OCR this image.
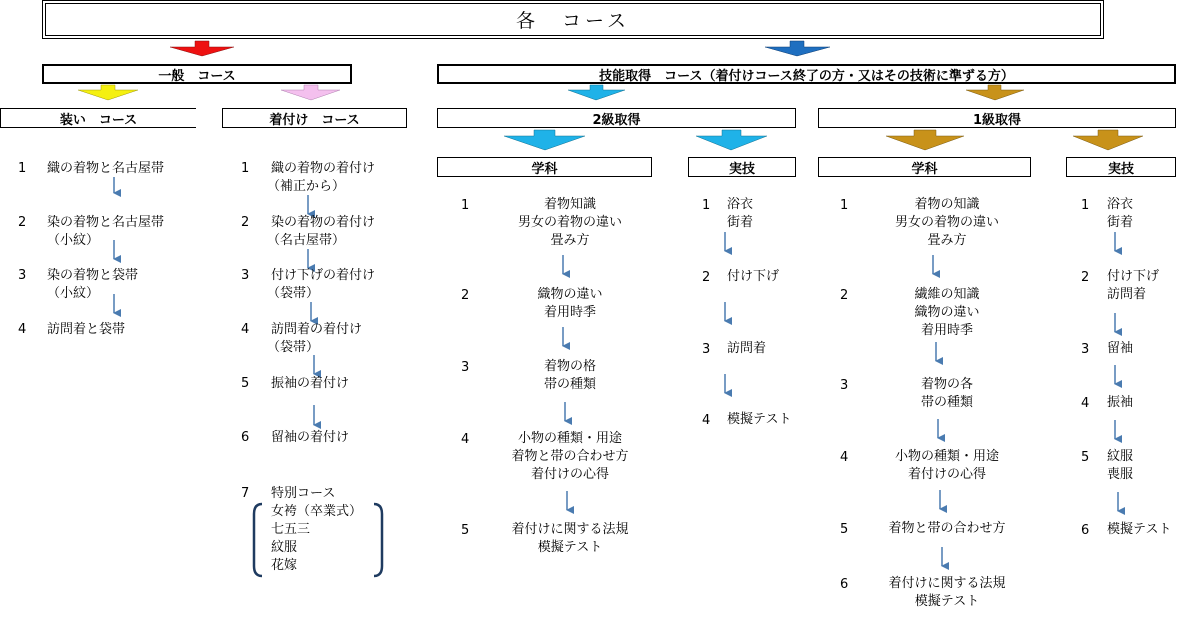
各　コース
一般　コース	技能取得　コース（着付けコース終了の方・又はその技術に準ずる方）
装い　コース	着付け　コース	2級取得	1級取得
学科	実技	学科	実技
1 織の着物と名古屋帯
2 染の着物と名古屋帯
（小紋）
3 染の着物と袋帯
（小紋）
4 訪問着と袋帯
1 織の着物の着付け
（補正から）
2 染の着物の着付け
（名古屋帯）
3 付け下げの着付け
（袋帯）
4 訪問着の着付け
（袋帯）
5 振袖の着付け
6 留袖の着付け
7 特別コース
女袴（卒業式）
七五三
紋服
花嫁
1	着物知識
男女の着物の違い
畳み方
2	織物の違い
着用時季
3	着物の格
帯の種類
4	小物の種類・用途
着物と帯の合わせ方
着付けの心得
5	着付けに関する法規
模擬テスト
1 浴衣
街着
2 付け下げ
3 訪問着
4 模擬テスト
1	着物の知識
男女の着物の違い
畳み方
2	繊維の知識
織物の違い
着用時季
3	着物の各
帯の種類
4	小物の種類・用途
着付けの心得
5	着物と帯の合わせ方
6	着付けに関する法規
模擬テスト
1 浴衣
街着
2 付け下げ
訪問着
3 留袖
4 振袖
5 紋服
喪服
6 模擬テスト
